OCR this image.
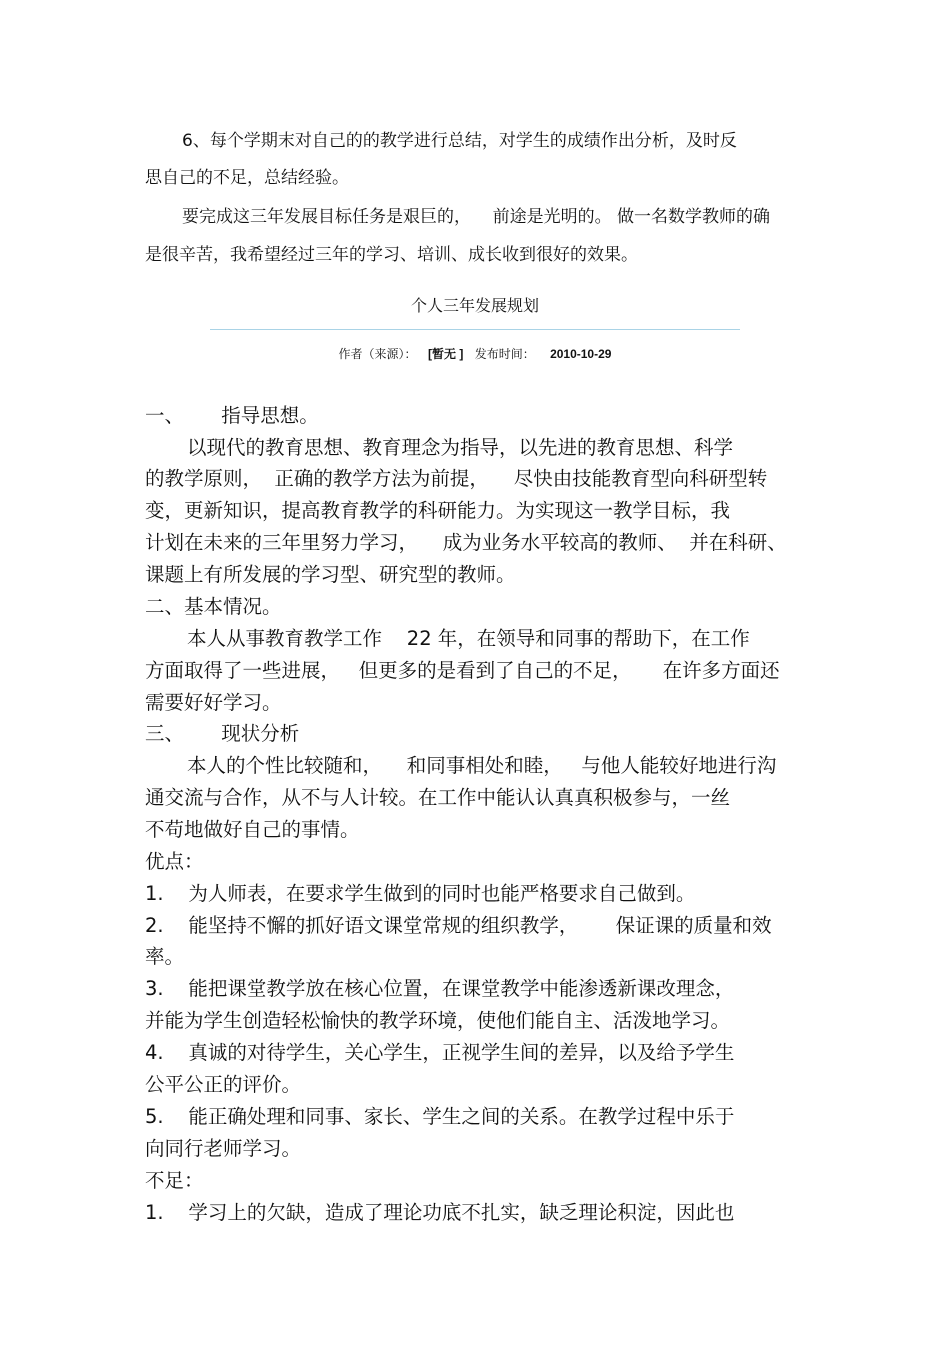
6、每个学期末对自己的的教学进行总结，对学生的成绩作出分析，及时反
思自己的不足，总结经验。
要完成这三年发展目标任务是艰巨的，    前途是光明的。 做一名数学教师的确
是很辛苦，我希望经过三年的学习、培训、成长收到很好的效果。
个人三年发展规划
作者（来源）： [暂无 ] 发布时间： 2010-10-29
一、      指导思想。
以现代的教育思想、教育理念为指导，以先进的教育思想、科学
的教学原则，  正确的教学方法为前提，    尽快由技能教育型向科研型转
变，更新知识，提高教育教学的科研能力。为实现这一教学目标，我
计划在未来的三年里努力学习，    成为业务水平较高的教师、  并在科研、
课题上有所发展的学习型、研究型的教师。
二、基本情况。
本人从事教育教学工作    22 年，在领导和同事的帮助下，在工作
方面取得了一些进展，   但更多的是看到了自己的不足，     在许多方面还
需要好好学习。
三、      现状分析
本人的个性比较随和，    和同事相处和睦，   与他人能较好地进行沟
通交流与合作，从不与人计较。在工作中能认认真真积极参与，一丝
不苟地做好自己的事情。
优点：
1.    为人师表，在要求学生做到的同时也能严格要求自己做到。
2.    能坚持不懈的抓好语文课堂常规的组织教学，      保证课的质量和效
率。
3.    能把课堂教学放在核心位置，在课堂教学中能渗透新课改理念，
并能为学生创造轻松愉快的教学环境，使他们能自主、活泼地学习。
4.    真诚的对待学生，关心学生，正视学生间的差异，以及给予学生
公平公正的评价。
5.    能正确处理和同事、家长、学生之间的关系。在教学过程中乐于
向同行老师学习。
不足：
1.    学习上的欠缺，造成了理论功底不扎实，缺乏理论积淀，因此也
